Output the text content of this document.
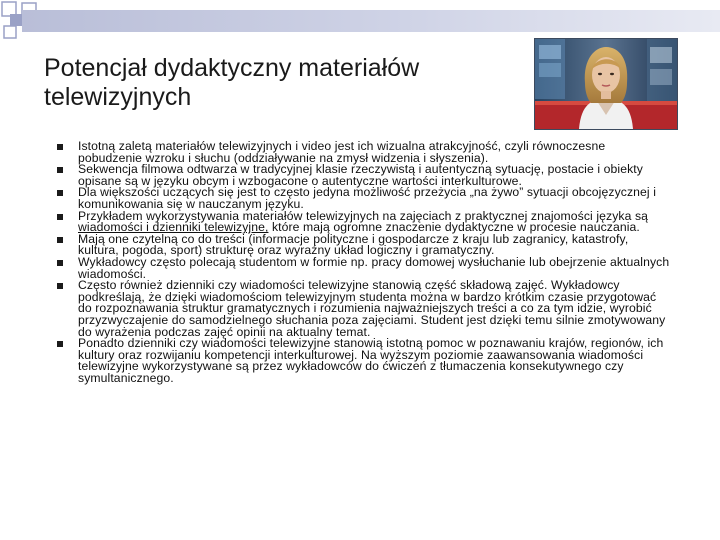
Potencjał dydaktyczny materiałów telewizyjnych
Istotną zaletą materiałów telewizyjnych i video jest ich wizualna atrakcyjność, czyli równoczesne pobudzenie wzroku i słuchu (oddziaływanie na zmysł widzenia i słyszenia).
Sekwencja filmowa odtwarza w tradycyjnej klasie rzeczywistą i autentyczną sytuację, postacie i obiekty opisane są w języku obcym i wzbogacone o autentyczne wartości interkulturowe.
Dla większości uczących się jest to często jedyna możliwość przeżycia „na żywo” sytuacji obcojęzycznej i komunikowania się w nauczanym języku.
Przykładem wykorzystywania materiałów telewizyjnych na zajęciach z praktycznej znajomości języka są wiadomości i dzienniki telewizyjne, które mają ogromne znaczenie dydaktyczne w procesie nauczania.
Mają one czytelną co do treści (informacje polityczne i gospodarcze z kraju lub zagranicy, katastrofy, kultura, pogoda, sport) strukturę oraz wyraźny układ logiczny i gramatyczny.
Wykładowcy często polecają studentom w formie np. pracy domowej wysłuchanie lub obejrzenie aktualnych wiadomości.
Często również dzienniki czy wiadomości telewizyjne stanowią część składową zajęć. Wykładowcy podkreślają, że dzięki wiadomościom telewizyjnym studenta można w bardzo krótkim czasie przygotować do rozpoznawania struktur gramatycznych i rozumienia najważniejszych treści a co za tym idzie, wyrobić przyzwyczajenie do samodzielnego słuchania poza zajęciami. Student jest dzięki temu silnie zmotywowany do wyrażenia podczas zajęć opinii na aktualny temat.
Ponadto dzienniki czy wiadomości telewizyjne stanowią istotną pomoc w poznawaniu krajów, regionów, ich kultury oraz rozwijaniu kompetencji interkulturowej. Na wyższym poziomie zaawansowania wiadomości telewizyjne wykorzystywane są przez wykładowców do ćwiczeń z tłumaczenia konsekutywnego czy symultanicznego.
